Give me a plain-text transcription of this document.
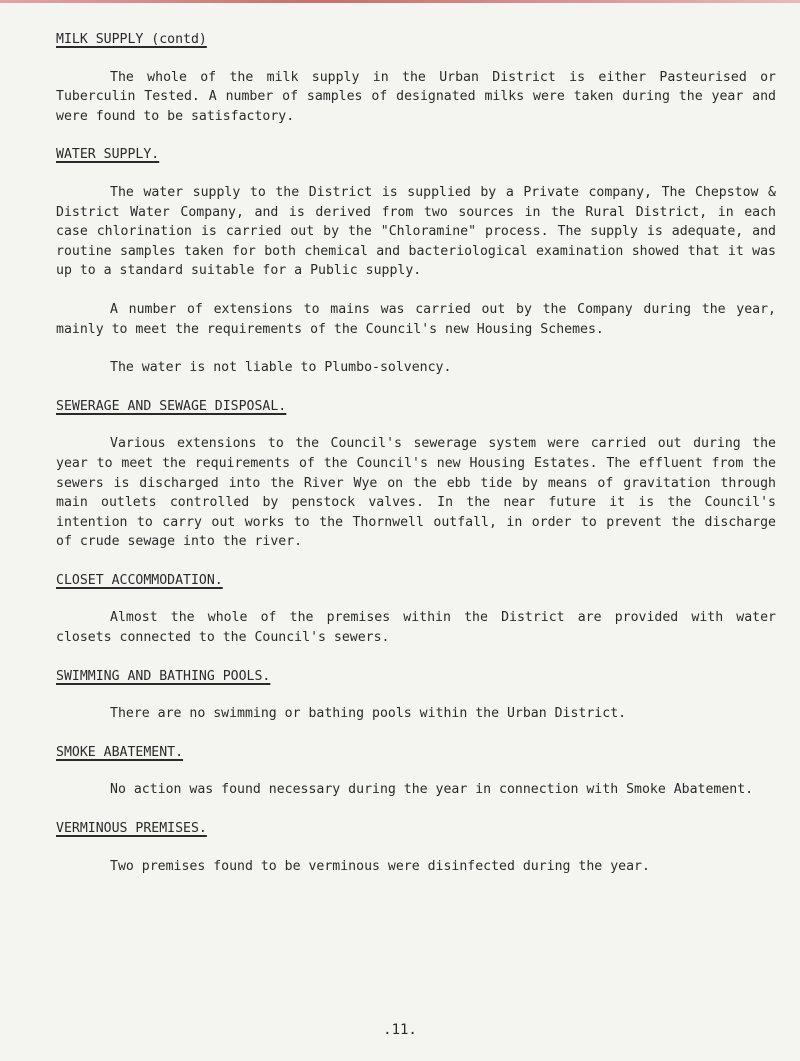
MILK SUPPLY (contd)

The whole of the milk supply in the Urban District is either Pasteurised or Tuberculin Tested. A number of samples of designated milks were taken during the year and were found to be satisfactory.

WATER SUPPLY.

The water supply to the District is supplied by a Private company, The Chepstow & District Water Company, and is derived from two sources in the Rural District, in each case chlorination is carried out by the "Chloramine" process. The supply is adequate, and routine samples taken for both chemical and bacteriological examination showed that it was up to a standard suitable for a Public supply.

A number of extensions to mains was carried out by the Company during the year, mainly to meet the requirements of the Council's new Housing Schemes.

The water is not liable to Plumbo-solvency.

SEWERAGE AND SEWAGE DISPOSAL.

Various extensions to the Council's sewerage system were carried out during the year to meet the requirements of the Council's new Housing Estates. The effluent from the sewers is discharged into the River Wye on the ebb tide by means of gravitation through main outlets controlled by penstock valves. In the near future it is the Council's intention to carry out works to the Thornwell outfall, in order to prevent the discharge of crude sewage into the river.

CLOSET ACCOMMODATION.

Almost the whole of the premises within the District are provided with water closets connected to the Council's sewers.

SWIMMING AND BATHING POOLS.

There are no swimming or bathing pools within the Urban District.

SMOKE ABATEMENT.

No action was found necessary during the year in connection with Smoke Abatement.

VERMINOUS PREMISES.

Two premises found to be verminous were disinfected during the year.

.11.
